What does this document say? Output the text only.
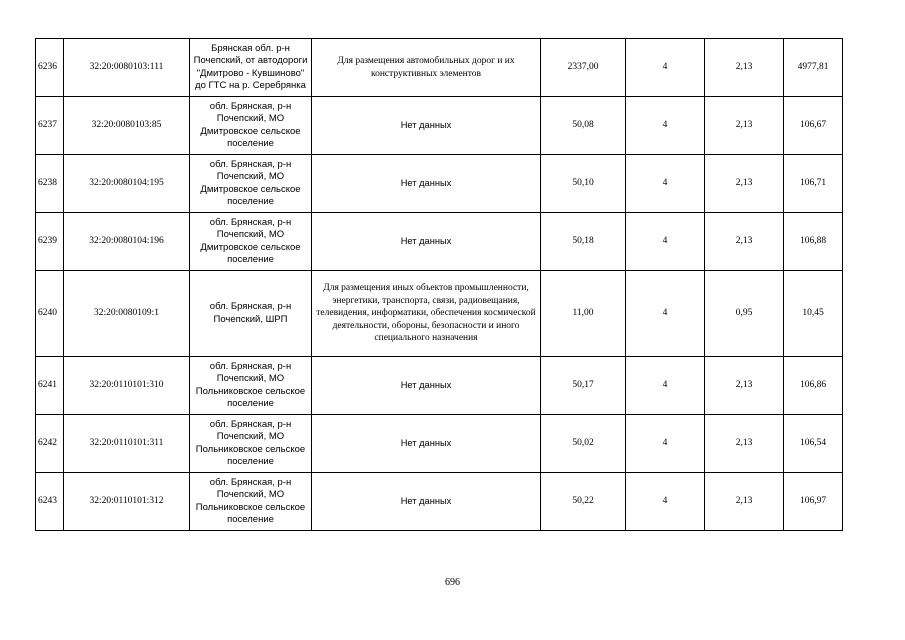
6236	32:20:0080103:111	Брянская обл. р-н Почепский, от автодороги "Дмитрово - Кувшиново" до ГТС на р. Серебрянка	Для размещения автомобильных дорог и их конструктивных элементов	2337,00	4	2,13	4977,81
6237	32:20:0080103:85	обл. Брянская, р-н Почепский, МО Дмитровское сельское поселение	Нет данных	50,08	4	2,13	106,67
6238	32:20:0080104:195	обл. Брянская, р-н Почепский, МО Дмитровское сельское поселение	Нет данных	50,10	4	2,13	106,71
6239	32:20:0080104:196	обл. Брянская, р-н Почепский, МО Дмитровское сельское поселение	Нет данных	50,18	4	2,13	106,88
6240	32:20:0080109:1	обл. Брянская, р-н Почепский, ШРП	Для размещения иных объектов промышленности, энергетики, транспорта, связи, радиовещания, телевидения, информатики, обеспечения космической деятельности, обороны, безопасности и иного специального назначения	11,00	4	0,95	10,45
6241	32:20:0110101:310	обл. Брянская, р-н Почепский, МО Польниковское сельское поселение	Нет данных	50,17	4	2,13	106,86
6242	32:20:0110101:311	обл. Брянская, р-н Почепский, МО Польниковское сельское поселение	Нет данных	50,02	4	2,13	106,54
6243	32:20:0110101:312	обл. Брянская, р-н Почепский, МО Польниковское сельское поселение	Нет данных	50,22	4	2,13	106,97
696
